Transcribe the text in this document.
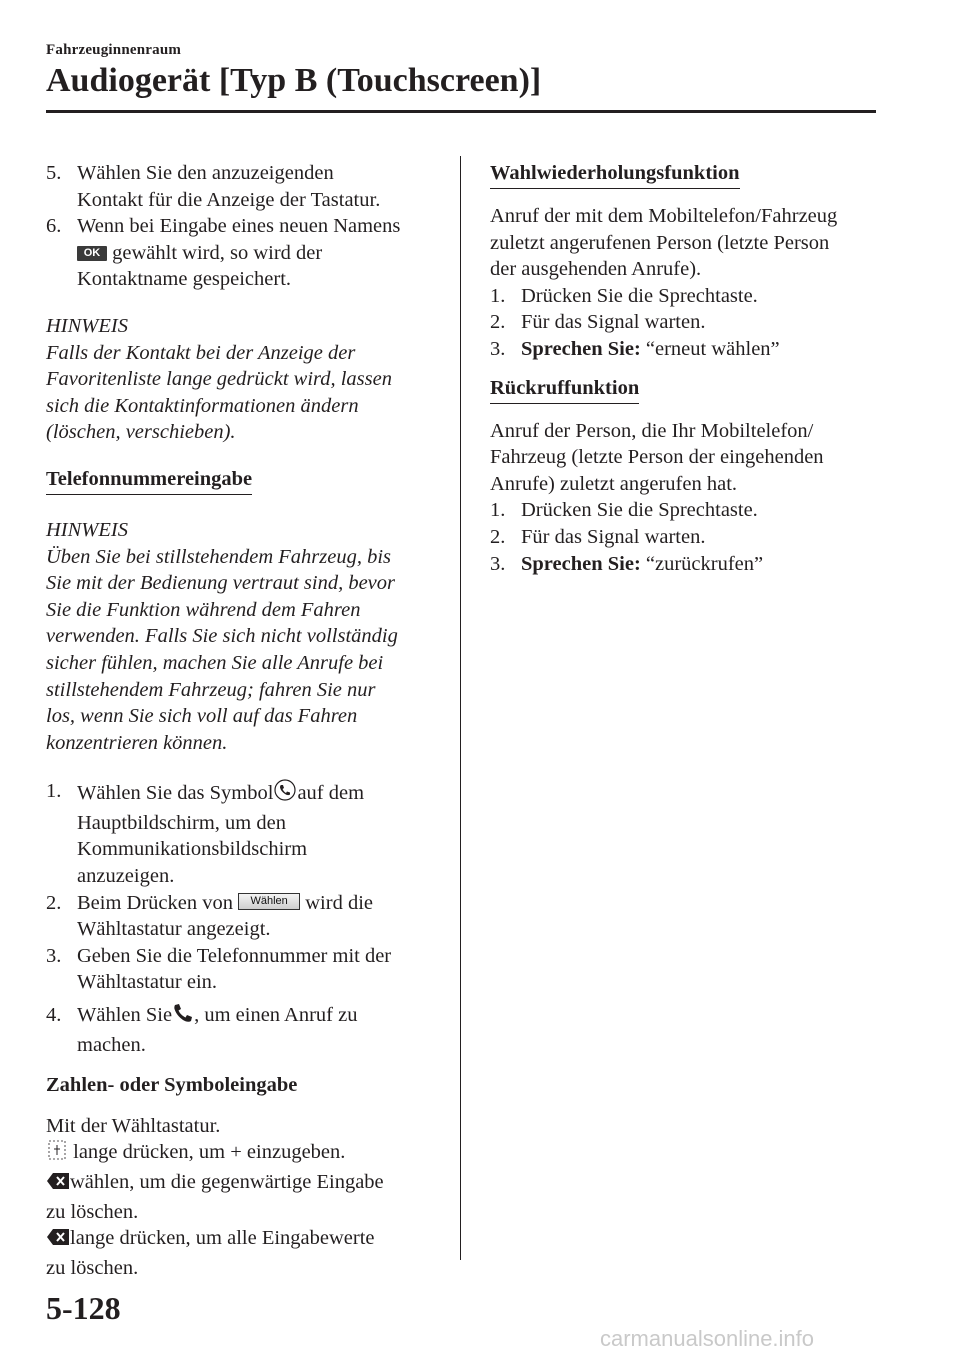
Fahrzeuginnenraum
Audiogerät [Typ B (Touchscreen)]
5. Wählen Sie den anzuzeigenden
Kontakt für die Anzeige der Tastatur.
6. Wenn bei Eingabe eines neuen Namens
OK gewählt wird, so wird der
Kontaktname gespeichert.
HINWEIS
Falls der Kontakt bei der Anzeige der
Favoritenliste lange gedrückt wird, lassen
sich die Kontaktinformationen ändern
(löschen, verschieben).
Telefonnummereingabe
HINWEIS
Üben Sie bei stillstehendem Fahrzeug, bis
Sie mit der Bedienung vertraut sind, bevor
Sie die Funktion während dem Fahren
verwenden. Falls Sie sich nicht vollständig
sicher fühlen, machen Sie alle Anrufe bei
stillstehendem Fahrzeug; fahren Sie nur
los, wenn Sie sich voll auf das Fahren
konzentrieren können.
1. Wählen Sie das Symbol auf dem
Hauptbildschirm, um den
Kommunikationsbildschirm
anzuzeigen.
2. Beim Drücken von Wählen wird die
Wähltastatur angezeigt.
3. Geben Sie die Telefonnummer mit der
Wähltastatur ein.
4. Wählen Sie , um einen Anruf zu
machen.
Zahlen- oder Symboleingabe
Mit der Wähltastatur.
lange drücken, um + einzugeben.
wählen, um die gegenwärtige Eingabe
zu löschen.
lange drücken, um alle Eingabewerte
zu löschen.
Wahlwiederholungsfunktion
Anruf der mit dem Mobiltelefon/Fahrzeug
zuletzt angerufenen Person (letzte Person
der ausgehenden Anrufe).
1. Drücken Sie die Sprechtaste.
2. Für das Signal warten.
3. Sprechen Sie: “erneut wählen”
Rückruffunktion
Anruf der Person, die Ihr Mobiltelefon/
Fahrzeug (letzte Person der eingehenden
Anrufe) zuletzt angerufen hat.
1. Drücken Sie die Sprechtaste.
2. Für das Signal warten.
3. Sprechen Sie: “zurückrufen”
5-128
carmanualsonline.info
